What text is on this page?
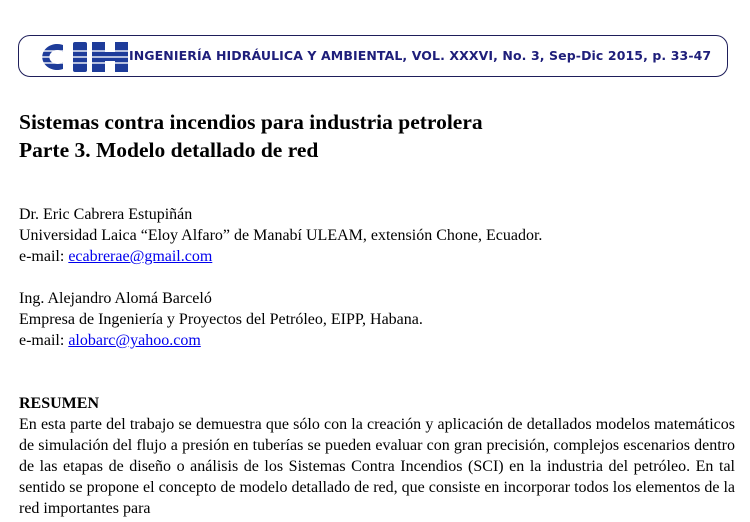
INGENIERÍA HIDRÁULICA Y AMBIENTAL, VOL. XXXVI, No. 3, Sep-Dic 2015, p. 33-47
Sistemas contra incendios para industria petrolera
Parte 3. Modelo detallado de red

Dr. Eric Cabrera Estupiñán

Universidad Laica “Eloy Alfaro” de Manabí ULEAM, extensión Chone, Ecuador.

e-mail: ecabrerae@gmail.com

Ing. Alejandro Alomá Barceló

Empresa de Ingeniería y Proyectos del Petróleo, EIPP, Habana.

e-mail: alobarc@yahoo.com

RESUMEN

En esta parte del trabajo se demuestra que sólo con la creación y aplicación de detallados modelos matemáticos de simulación del flujo a presión en tuberías se pueden evaluar con gran precisión, complejos escenarios dentro de las etapas de diseño o análisis de los Sistemas Contra Incendios (SCI) en la industria del petróleo. En tal sentido se propone el concepto de modelo detallado de red, que consiste en incorporar todos los elementos de la red importantes para
